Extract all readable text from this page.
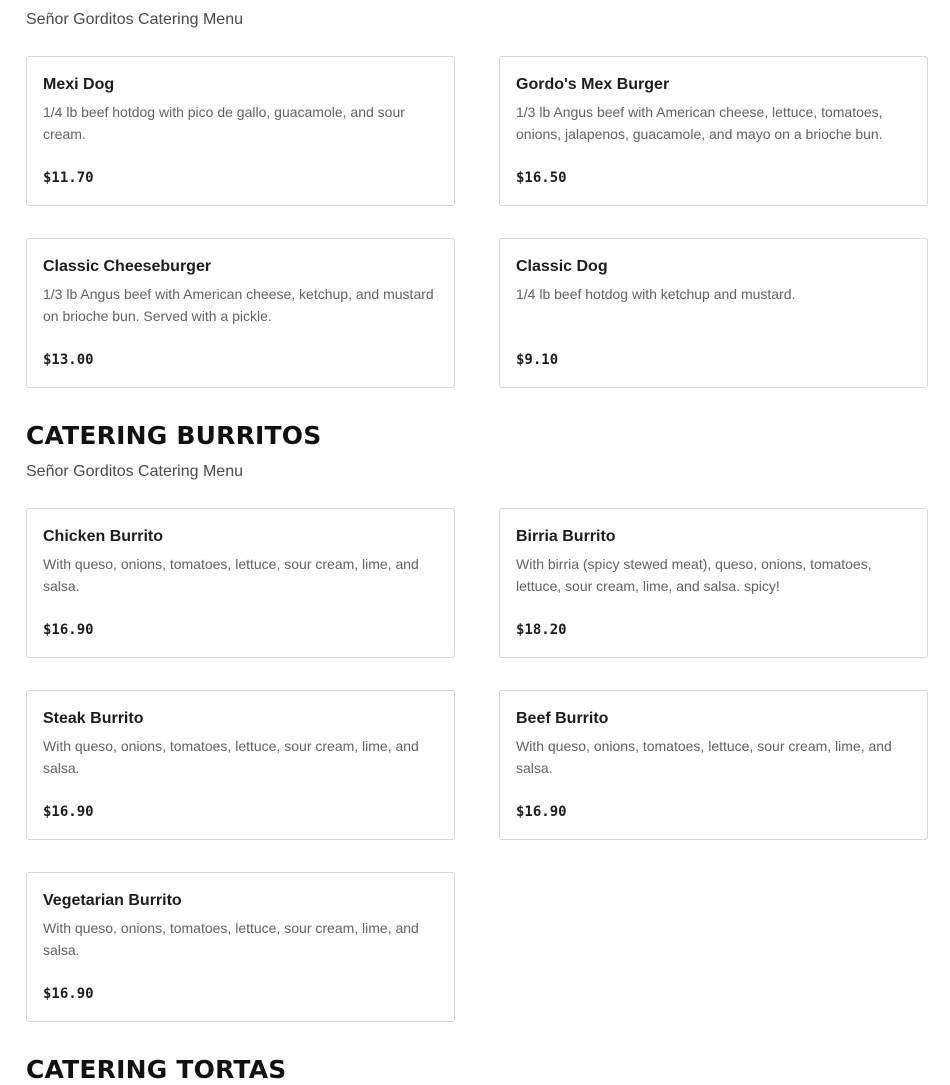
Señor Gorditos Catering Menu

Mexi Dog

1/4 lb beef hotdog with pico de gallo, guacamole, and sour cream.

$11.70

Gordo's Mex Burger

1/3 lb Angus beef with American cheese, lettuce, tomatoes, onions, jalapenos, guacamole, and mayo on a brioche bun.

$16.50

Classic Cheeseburger

1/3 lb Angus beef with American cheese, ketchup, and mustard on brioche bun. Served with a pickle.

$13.00

Classic Dog

1/4 lb beef hotdog with ketchup and mustard.

$9.10
CATERING BURRITOS

Señor Gorditos Catering Menu

Chicken Burrito

With queso, onions, tomatoes, lettuce, sour cream, lime, and salsa.

$16.90

Birria Burrito

With birria (spicy stewed meat), queso, onions, tomatoes, lettuce, sour cream, lime, and salsa. spicy!

$18.20

Steak Burrito

With queso, onions, tomatoes, lettuce, sour cream, lime, and salsa.

$16.90

Beef Burrito

With queso, onions, tomatoes, lettuce, sour cream, lime, and salsa.

$16.90

Vegetarian Burrito

With queso, onions, tomatoes, lettuce, sour cream, lime, and salsa.

$16.90
CATERING TORTAS
